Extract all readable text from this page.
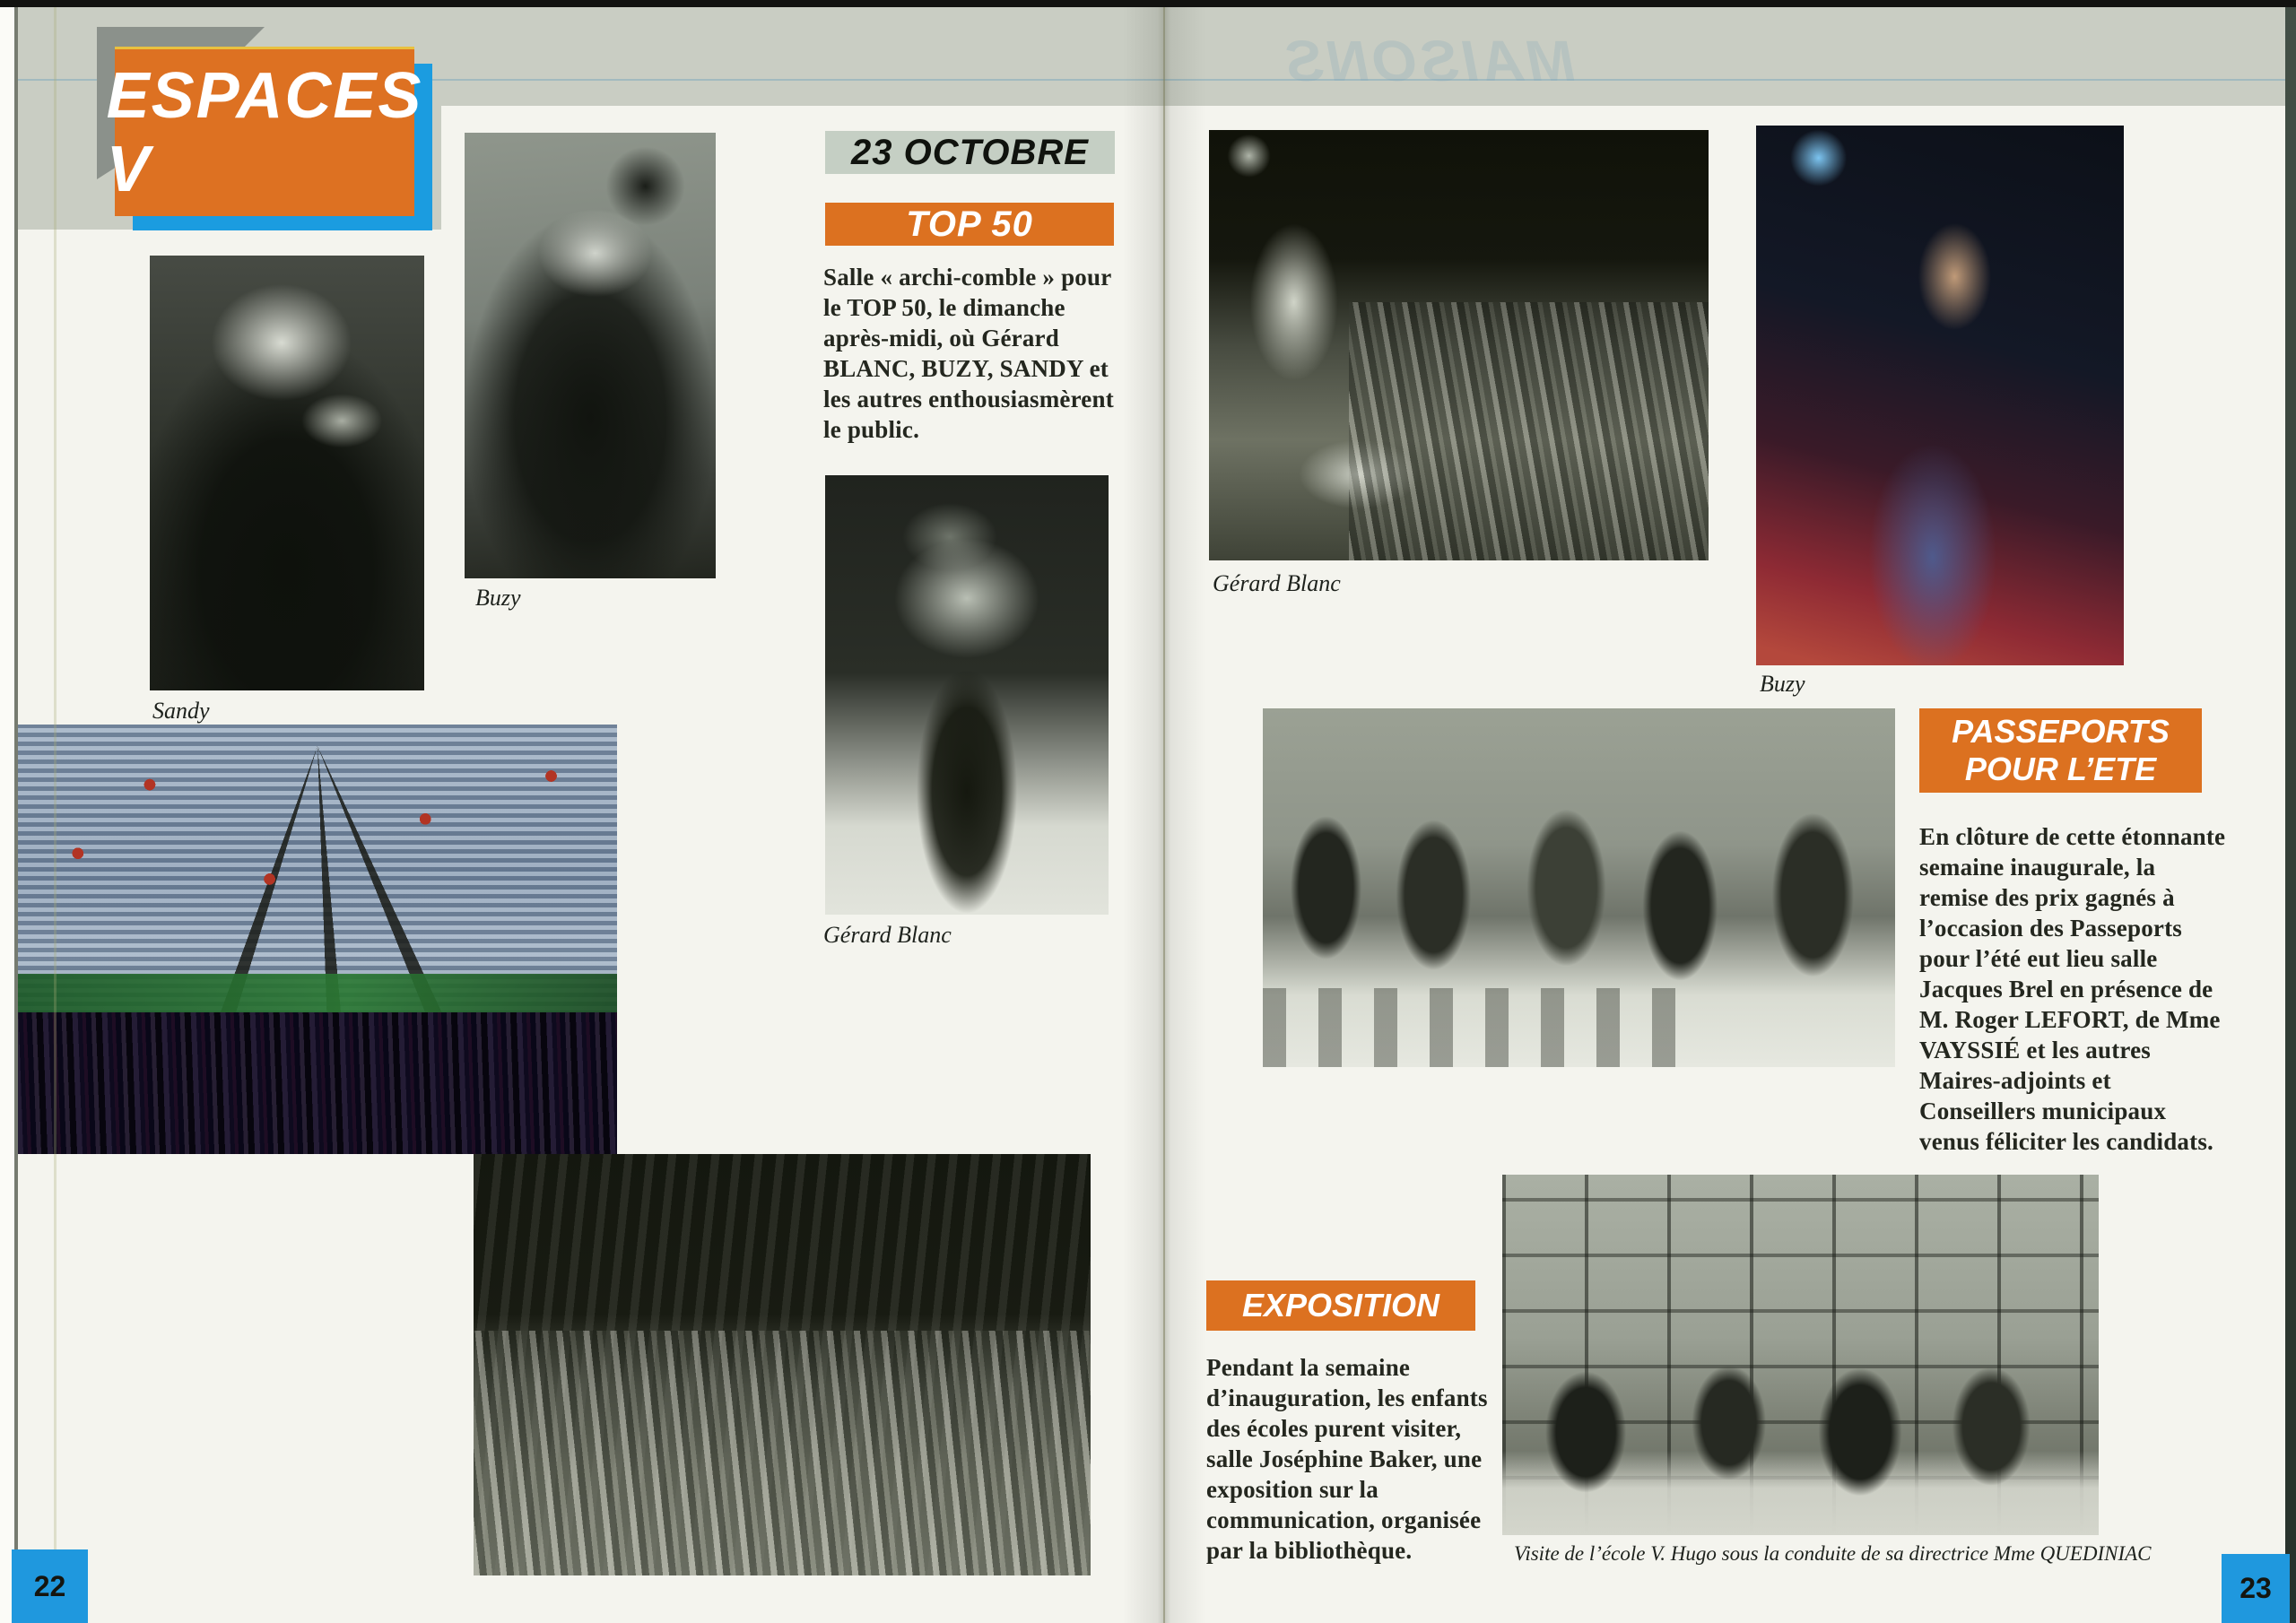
MAISONS
ESPACES V
Buzy
Sandy
Gérard Blanc
23 OCTOBRE
TOP 50
Salle « archi-comble » pour le TOP 50, le dimanche après-midi, où Gérard BLANC, BUZY, SANDY et les autres enthousiasmèrent le public.
Gérard Blanc
Buzy
Visite de l’école V. Hugo sous la conduite de sa directrice Mme QUEDINIAC
PASSEPORTS
POUR L’ETE
En clôture de cette étonnante semaine inaugurale, la remise des prix gagnés à l’occasion des Passeports pour l’été eut lieu salle Jacques Brel en présence de M. Roger LEFORT, de Mme VAYSSIÉ et les autres Maires-adjoints et Conseillers municipaux venus féliciter les candidats.
EXPOSITION
Pendant la semaine d’inauguration, les enfants des écoles purent visiter, salle Joséphine Baker, une exposition sur la communication, organisée par la bibliothèque.
22	23
